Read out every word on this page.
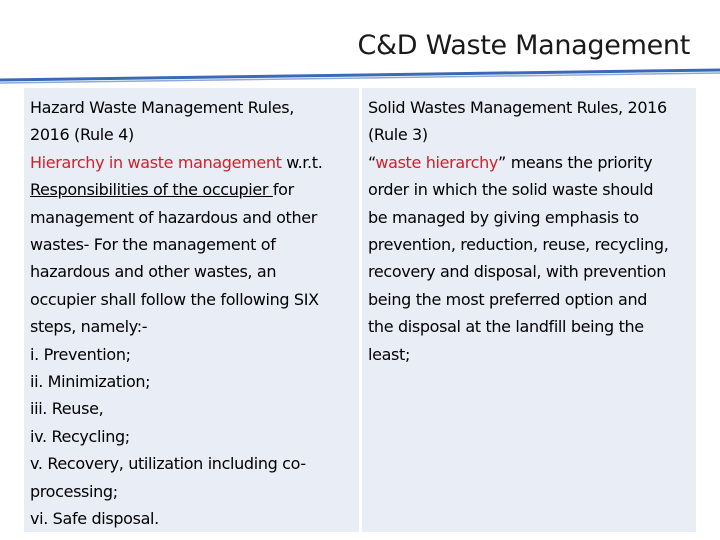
C&D Waste Management
Hazard Waste Management Rules,
2016 (Rule 4)
Hierarchy in waste management w.r.t.
Responsibilities of the occupier for
management of hazardous and other
wastes- For the management of
hazardous and other wastes, an
occupier shall follow the following SIX
steps, namely:-
i. Prevention;
ii. Minimization;
iii. Reuse,
iv. Recycling;
v. Recovery, utilization including co-
processing;
vi. Safe disposal.
Solid Wastes Management Rules, 2016
(Rule 3)
“waste hierarchy” means the priority
order in which the solid waste should
be managed by giving emphasis to
prevention, reduction, reuse, recycling,
recovery and disposal, with prevention
being the most preferred option and
the disposal at the landfill being the
least;
